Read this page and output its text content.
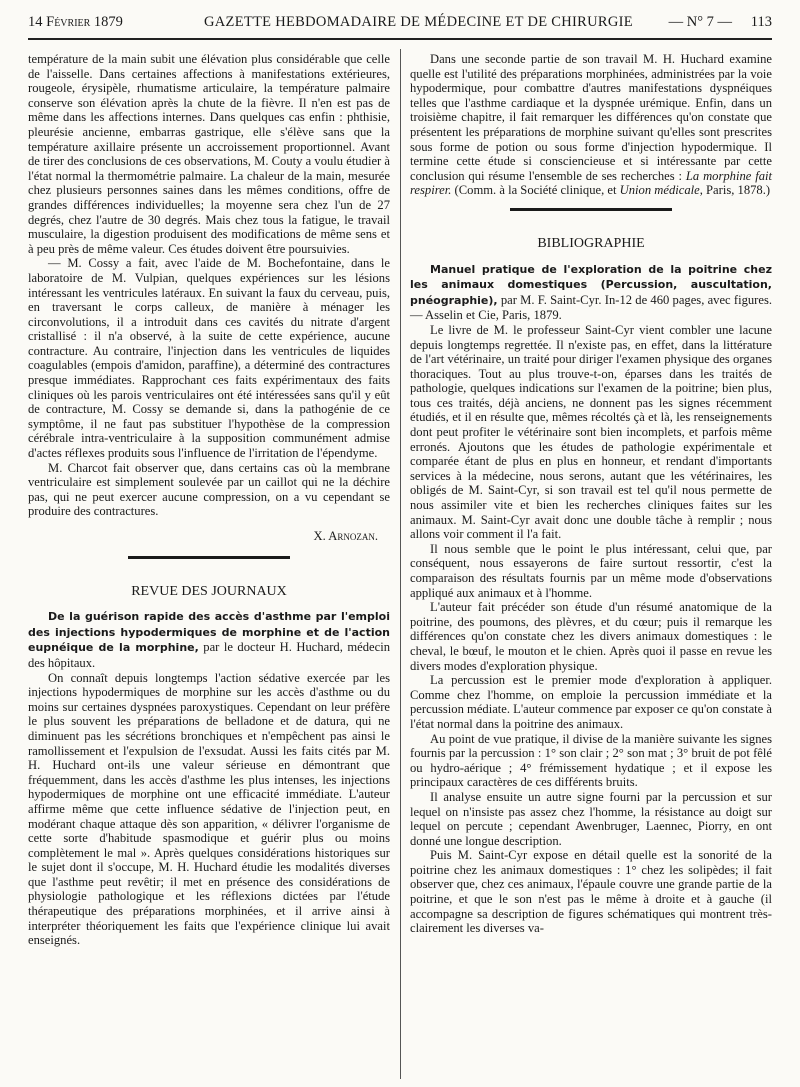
14 Février 1879	GAZETTE HEBDOMADAIRE DE MÉDECINE ET DE CHIRURGIE — N° 7 — 113

température de la main subit une élévation plus considérable que celle de l'aisselle. Dans certaines affections à manifestations extérieures, rougeole, érysipèle, rhumatisme articulaire, la température palmaire conserve son élévation après la chute de la fièvre. Il n'en est pas de même dans les affections internes. Dans quelques cas enfin : phthisie, pleurésie ancienne, embarras gastrique, elle s'élève sans que la température axillaire présente un accroissement proportionnel. Avant de tirer des conclusions de ces observations, M. Couty a voulu étudier à l'état normal la thermométrie palmaire. La chaleur de la main, mesurée chez plusieurs personnes saines dans les mêmes conditions, offre de grandes différences individuelles; la moyenne sera chez l'un de 27 degrés, chez l'autre de 30 degrés. Mais chez tous la fatigue, le travail musculaire, la digestion produisent des modifications de même sens et à peu près de même valeur. Ces études doivent être poursuivies.

— M. Cossy a fait, avec l'aide de M. Bochefontaine, dans le laboratoire de M. Vulpian, quelques expériences sur les lésions intéressant les ventricules latéraux. En suivant la faux du cerveau, puis, en traversant le corps calleux, de manière à ménager les circonvolutions, il a introduit dans ces cavités du nitrate d'argent cristallisé : il n'a observé, à la suite de cette expérience, aucune contracture. Au contraire, l'injection dans les ventricules de liquides coagulables (empois d'amidon, paraffine), a déterminé des contractures presque immédiates. Rapprochant ces faits expérimentaux des faits cliniques où les parois ventriculaires ont été intéressées sans qu'il y eût de contracture, M. Cossy se demande si, dans la pathogénie de ce symptôme, il ne faut pas substituer l'hypothèse de la compression cérébrale intra-ventriculaire à la supposition communément admise d'actes réflexes produits sous l'influence de l'irritation de l'épendyme.

M. Charcot fait observer que, dans certains cas où la membrane ventriculaire est simplement soulevée par un caillot qui ne la déchire pas, qui ne peut exercer aucune compression, on a vu cependant se produire des contractures.

X. Arnozan.
REVUE DES JOURNAUX

De la guérison rapide des accès d'asthme par l'emploi des injections hypodermiques de morphine et de l'action eupnéique de la morphine, par le docteur H. Huchard, médecin des hôpitaux.

On connaît depuis longtemps l'action sédative exercée par les injections hypodermiques de morphine sur les accès d'asthme ou du moins sur certaines dyspnées paroxystiques. Cependant on leur préfère le plus souvent les préparations de belladone et de datura, qui ne diminuent pas les sécrétions bronchiques et n'empêchent pas ainsi le ramollissement et l'expulsion de l'exsudat. Aussi les faits cités par M. H. Huchard ont-ils une valeur sérieuse en démontrant que fréquemment, dans les accès d'asthme les plus intenses, les injections hypodermiques de morphine ont une efficacité immédiate. L'auteur affirme même que cette influence sédative de l'injection peut, en modérant chaque attaque dès son apparition, « délivrer l'organisme de cette sorte d'habitude spasmodique et guérir plus ou moins complètement le mal ». Après quelques considérations historiques sur le sujet dont il s'occupe, M. H. Huchard étudie les modalités diverses que l'asthme peut revêtir; il met en présence des considérations de physiologie pathologique et les réflexions dictées par l'étude thérapeutique des préparations morphinées, et il arrive ainsi à interpréter théoriquement les faits que l'expérience clinique lui avait enseignés.

Dans une seconde partie de son travail M. H. Huchard examine quelle est l'utilité des préparations morphinées, administrées par la voie hypodermique, pour combattre d'autres manifestations dyspnéiques telles que l'asthme cardiaque et la dyspnée urémique. Enfin, dans un troisième chapitre, il fait remarquer les différences qu'on constate que présentent les préparations de morphine suivant qu'elles sont prescrites sous forme de potion ou sous forme d'injection hypodermique. Il termine cette étude si consciencieuse et si intéressante par cette conclusion qui résume l'ensemble de ses recherches : La morphine fait respirer. (Comm. à la Société clinique, et Union médicale, Paris, 1878.)

BIBLIOGRAPHIE

Manuel pratique de l'exploration de la poitrine chez les animaux domestiques (Percussion, auscultation, pnéographie), par M. F. Saint-Cyr. In-12 de 460 pages, avec figures. — Asselin et Cie, Paris, 1879.

Le livre de M. le professeur Saint-Cyr vient combler une lacune depuis longtemps regrettée. Il n'existe pas, en effet, dans la littérature de l'art vétérinaire, un traité pour diriger l'examen physique des organes thoraciques. Tout au plus trouve-t-on, éparses dans les traités de pathologie, quelques indications sur l'examen de la poitrine; bien plus, tous ces traités, déjà anciens, ne donnent pas les signes récemment étudiés, et il en résulte que, mêmes récoltés çà et là, les renseignements dont peut profiter le vétérinaire sont bien incomplets, et parfois même erronés. Ajoutons que les études de pathologie expérimentale et comparée étant de plus en plus en honneur, et rendant d'importants services à la médecine, nous serons, autant que les vétérinaires, les obligés de M. Saint-Cyr, si son travail est tel qu'il nous permette de nous assimiler vite et bien les recherches cliniques faites sur les animaux. M. Saint-Cyr avait donc une double tâche à remplir ; nous allons voir comment il l'a fait.

Il nous semble que le point le plus intéressant, celui que, par conséquent, nous essayerons de faire surtout ressortir, c'est la comparaison des résultats fournis par un même mode d'observations appliqué aux animaux et à l'homme.

L'auteur fait précéder son étude d'un résumé anatomique de la poitrine, des poumons, des plèvres, et du cœur; puis il remarque les différences qu'on constate chez les divers animaux domestiques : le cheval, le bœuf, le mouton et le chien. Après quoi il passe en revue les divers modes d'exploration physique.

La percussion est le premier mode d'exploration à appliquer. Comme chez l'homme, on emploie la percussion immédiate et la percussion médiate. L'auteur commence par exposer ce qu'on constate à l'état normal dans la poitrine des animaux.

Au point de vue pratique, il divise de la manière suivante les signes fournis par la percussion : 1° son clair ; 2° son mat ; 3° bruit de pot fêlé ou hydro-aérique ; 4° frémissement hydatique ; et il expose les principaux caractères de ces différents bruits.

Il analyse ensuite un autre signe fourni par la percussion et sur lequel on n'insiste pas assez chez l'homme, la résistance au doigt sur lequel on percute ; cependant Awenbruger, Laennec, Piorry, en ont donné une longue description.

Puis M. Saint-Cyr expose en détail quelle est la sonorité de la poitrine chez les animaux domestiques : 1° chez les solipèdes; il fait observer que, chez ces animaux, l'épaule couvre une grande partie de la poitrine, et que le son n'est pas le même à droite et à gauche (il accompagne sa description de figures schématiques qui montrent très-clairement les diverses va-
